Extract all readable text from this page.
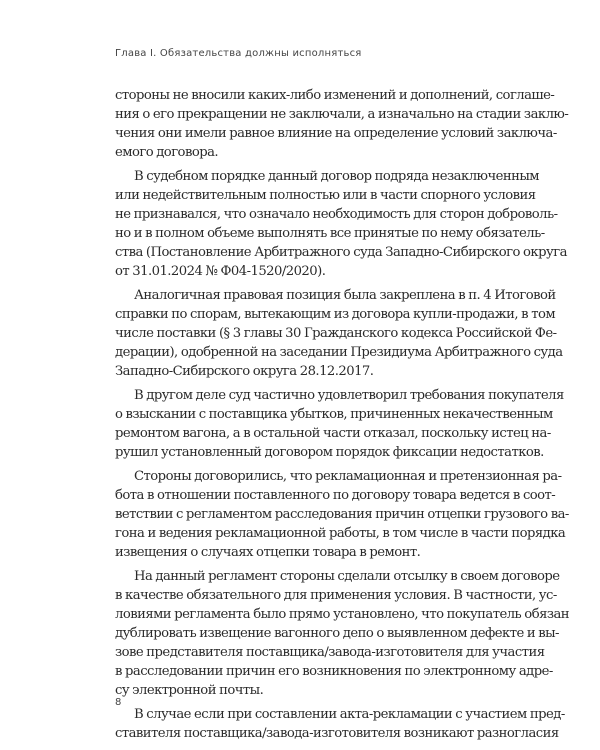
Глава I. Обязательства должны исполняться
стороны не вносили каких-либо изменений и дополнений, соглаше-
ния о его прекращении не заключали, а изначально на стадии заклю-
чения они имели равное влияние на определение условий заключа-
емого договора.
В судебном порядке данный договор подряда незаключенным
или недействительным полностью или в части спорного условия
не признавался, что означало необходимость для сторон доброволь-
но и в полном объеме выполнять все принятые по нему обязатель-
ства (Постановление Арбитражного суда Западно-Сибирского округа
от 31.01.2024 № Ф04-1520/2020).
Аналогичная правовая позиция была закреплена в п. 4 Итоговой
справки по спорам, вытекающим из договора купли-продажи, в том
числе поставки (§ 3 главы 30 Гражданского кодекса Российской Фе-
дерации), одобренной на заседании Президиума Арбитражного суда
Западно-Сибирского округа 28.12.2017.
В другом деле суд частично удовлетворил требования покупателя
о взыскании с поставщика убытков, причиненных некачественным
ремонтом вагона, а в остальной части отказал, поскольку истец на-
рушил установленный договором порядок фиксации недостатков.
Стороны договорились, что рекламационная и претензионная ра-
бота в отношении поставленного по договору товара ведется в соот-
ветствии с регламентом расследования причин отцепки грузового ва-
гона и ведения рекламационной работы, в том числе в части порядка
извещения о случаях отцепки товара в ремонт.
На данный регламент стороны сделали отсылку в своем договоре
в качестве обязательного для применения условия. В частности, ус-
ловиями регламента было прямо установлено, что покупатель обязан
дублировать извещение вагонного депо о выявленном дефекте и вы-
зове представителя поставщика/завода-изготовителя для участия
в расследовании причин его возникновения по электронному адре-
су электронной почты.
В случае если при составлении акта-рекламации с участием пред-
ставителя поставщика/завода-изготовителя возникают разногласия
8
